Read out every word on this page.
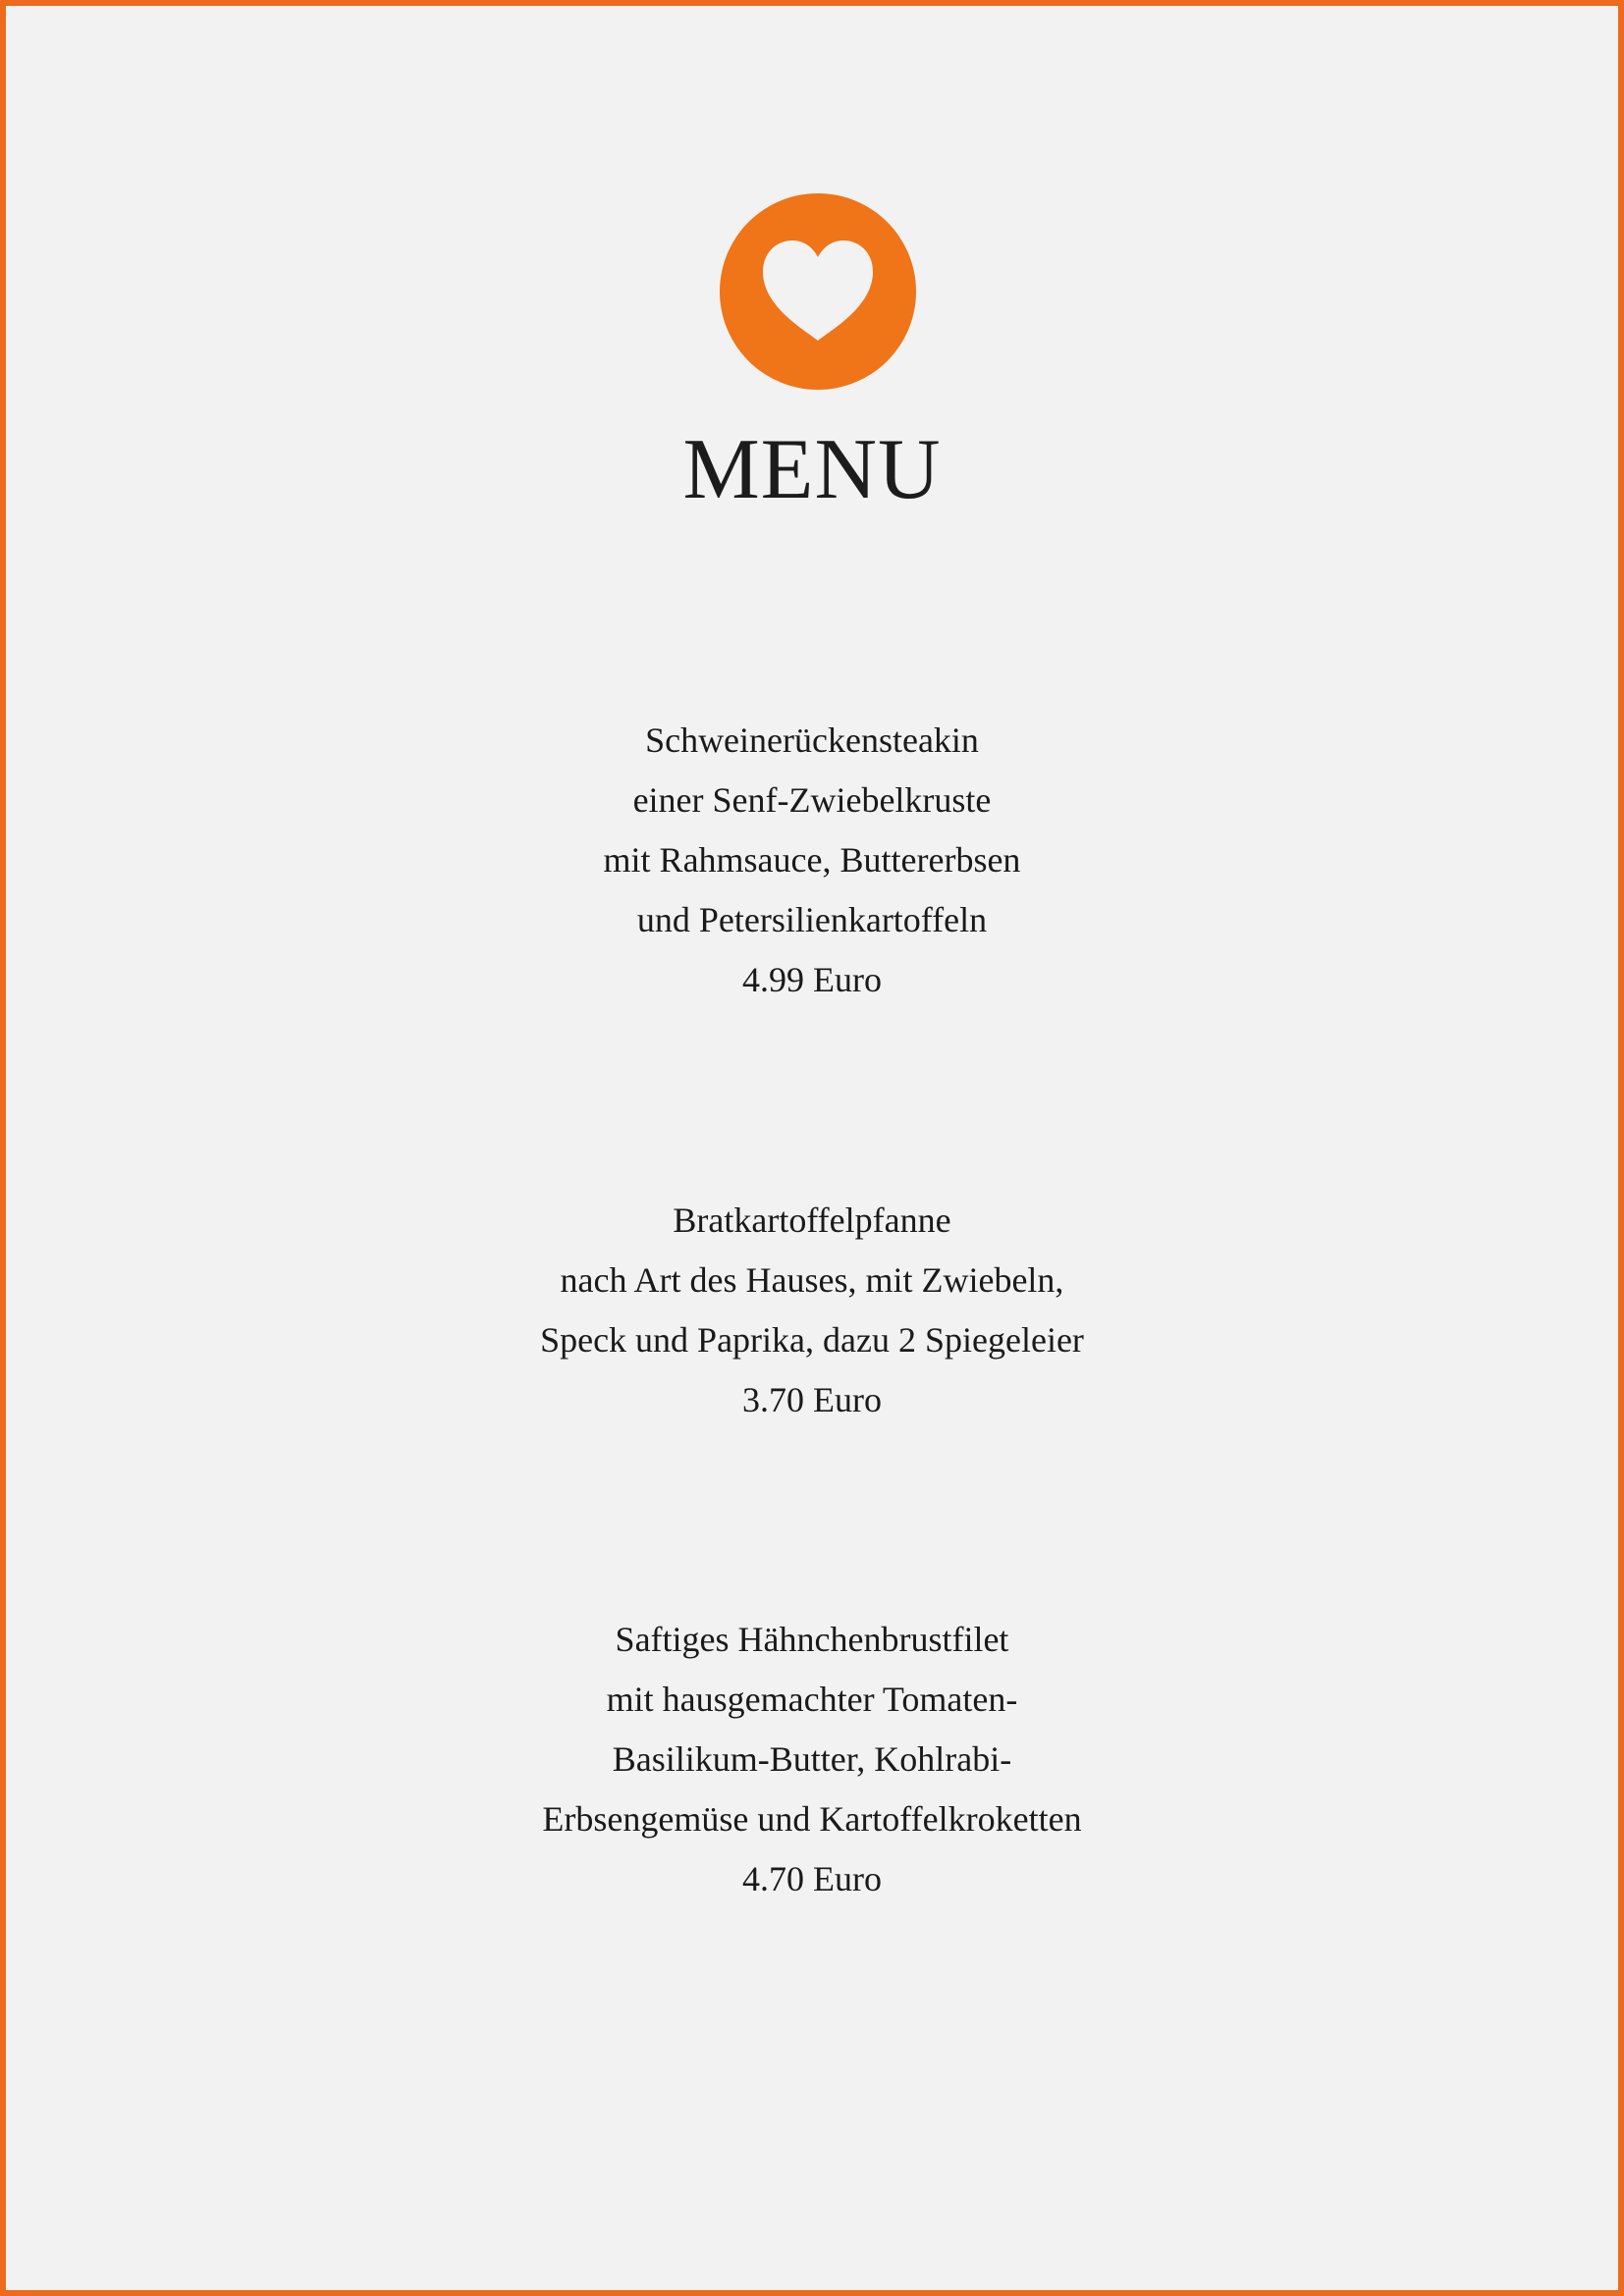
MENU
Schweinerückensteakin
einer Senf-Zwiebelkruste
mit Rahmsauce, Buttererbsen
und Petersilienkartoffeln
4.99 Euro
Bratkartoffelpfanne
nach Art des Hauses, mit Zwiebeln,
Speck und Paprika, dazu 2 Spiegeleier
3.70 Euro
Saftiges Hähnchenbrustfilet
mit hausgemachter Tomaten-
Basilikum-Butter, Kohlrabi-
Erbsengemüse und Kartoffelkroketten
4.70 Euro
